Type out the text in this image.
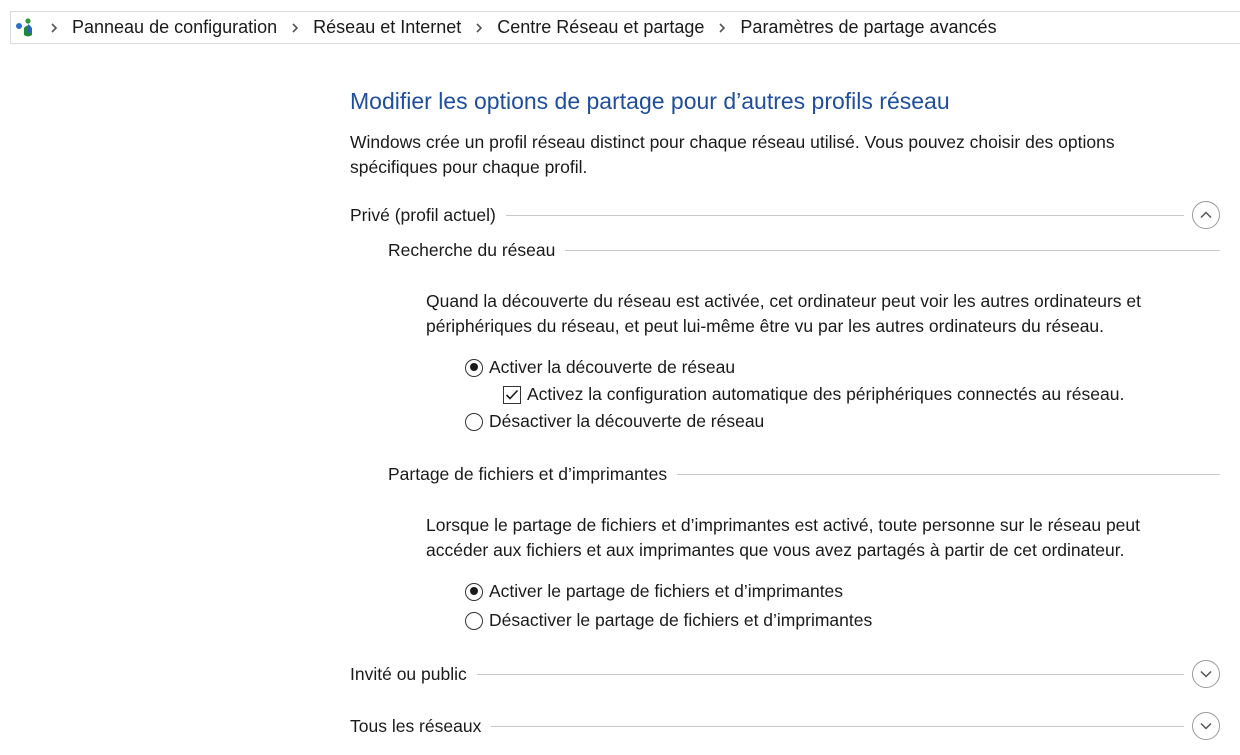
Panneau de configuration Réseau et Internet Centre Réseau et partage Paramètres de partage avancés
Modifier les options de partage pour d’autres profils réseau
Windows crée un profil réseau distinct pour chaque réseau utilisé. Vous pouvez choisir des options
spécifiques pour chaque profil.
Privé (profil actuel)
Recherche du réseau
Quand la découverte du réseau est activée, cet ordinateur peut voir les autres ordinateurs et
périphériques du réseau, et peut lui-même être vu par les autres ordinateurs du réseau.
Activer la découverte de réseau
Activez la configuration automatique des périphériques connectés au réseau.
Désactiver la découverte de réseau
Partage de fichiers et d’imprimantes
Lorsque le partage de fichiers et d’imprimantes est activé, toute personne sur le réseau peut
accéder aux fichiers et aux imprimantes que vous avez partagés à partir de cet ordinateur.
Activer le partage de fichiers et d’imprimantes
Désactiver le partage de fichiers et d’imprimantes
Invité ou public
Tous les réseaux
